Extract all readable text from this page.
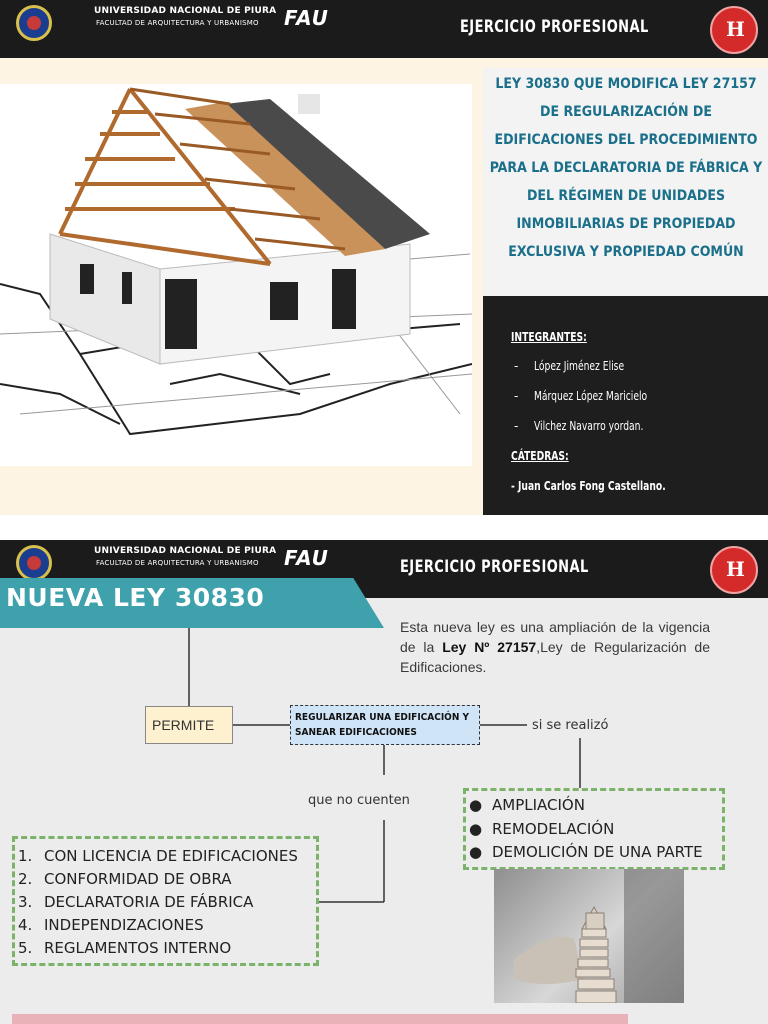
UNIVERSIDAD NACIONAL DE PIURA
FACULTAD DE ARQUITECTURA Y URBANISMO FAU	EJERCICIO PROFESIONAL
H
LEY 30830 QUE MODIFICA LEY 27157 DE REGULARIZACIÓN DE EDIFICACIONES DEL PROCEDIMIENTO PARA LA DECLARATORIA DE FÁBRICA Y DEL RÉGIMEN DE UNIDADES INMOBILIARIAS DE PROPIEDAD EXCLUSIVA Y PROPIEDAD COMÚN
INTEGRANTES:
- López Jiménez Elise
- Márquez López Maricielo
- Vilchez Navarro yordan.
CÁTEDRAS:
- Juan Carlos Fong Castellano.
UNIVERSIDAD NACIONAL DE PIURA
FACULTAD DE ARQUITECTURA Y URBANISMO FAU	EJERCICIO PROFESIONAL
H
NUEVA LEY 30830
Esta nueva ley es una ampliación de la vigencia de la Ley Nº 27157,Ley de Regularización de Edificaciones.
PERMITE	REGULARIZAR UNA EDIFICACIÓN Y SANEAR EDIFICACIONES	si se realizó
que no cuenten	● AMPLIACIÓN
● REMODELACIÓN
● DEMOLICIÓN DE UNA PARTE
1. CON LICENCIA DE EDIFICACIONES
2. CONFORMIDAD DE OBRA
3. DECLARATORIA DE FÁBRICA
4. INDEPENDIZACIONES
5. REGLAMENTOS INTERNO
